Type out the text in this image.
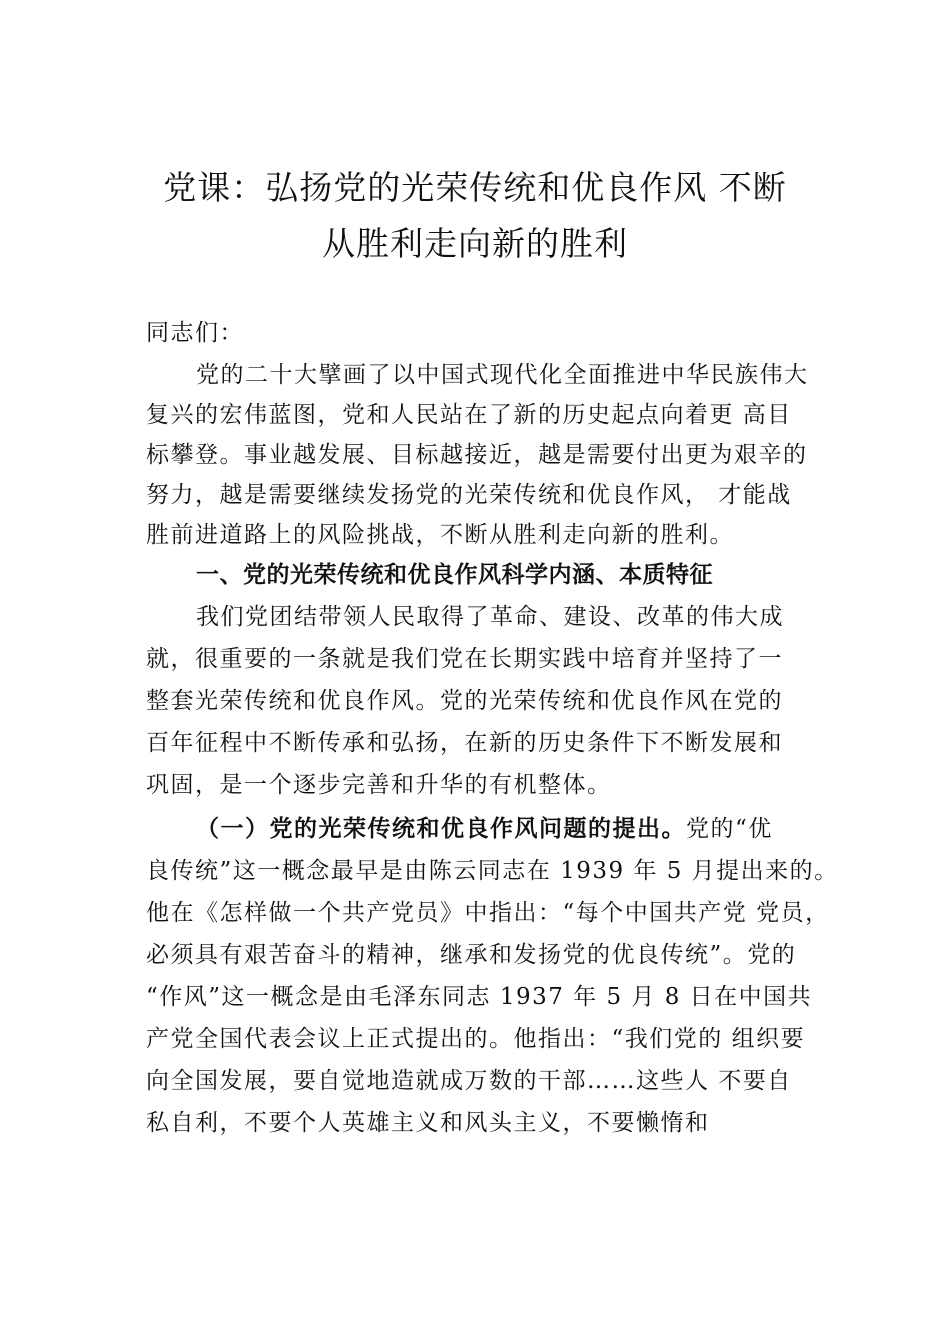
党课：弘扬党的光荣传统和优良作风 不断
从胜利走向新的胜利
同志们：
党的二十大擘画了以中国式现代化全面推进中华民族伟大
复兴的宏伟蓝图，党和人民站在了新的历史起点向着更 高目
标攀登。事业越发展、目标越接近，越是需要付出更为艰辛的
努力，越是需要继续发扬党的光荣传统和优良作风， 才能战
胜前进道路上的风险挑战，不断从胜利走向新的胜利。
一、党的光荣传统和优良作风科学内涵、本质特征
我们党团结带领人民取得了革命、建设、改革的伟大成
就，很重要的一条就是我们党在长期实践中培育并坚持了一
整套光荣传统和优良作风。党的光荣传统和优良作风在党的
百年征程中不断传承和弘扬，在新的历史条件下不断发展和
巩固，是一个逐步完善和升华的有机整体。
（一）党的光荣传统和优良作风问题的提出。党的“优
良传统”这一概念最早是由陈云同志在 1939 年 5 月提出来的。
他在《怎样做一个共产党员》中指出：“每个中国共产党 党员，
必须具有艰苦奋斗的精神，继承和发扬党的优良传统”。党的
“作风”这一概念是由毛泽东同志 1937 年 5 月 8 日在中国共
产党全国代表会议上正式提出的。他指出：“我们党的 组织要
向全国发展，要自觉地造就成万数的干部……这些人 不要自
私自利，不要个人英雄主义和风头主义，不要懒惰和
